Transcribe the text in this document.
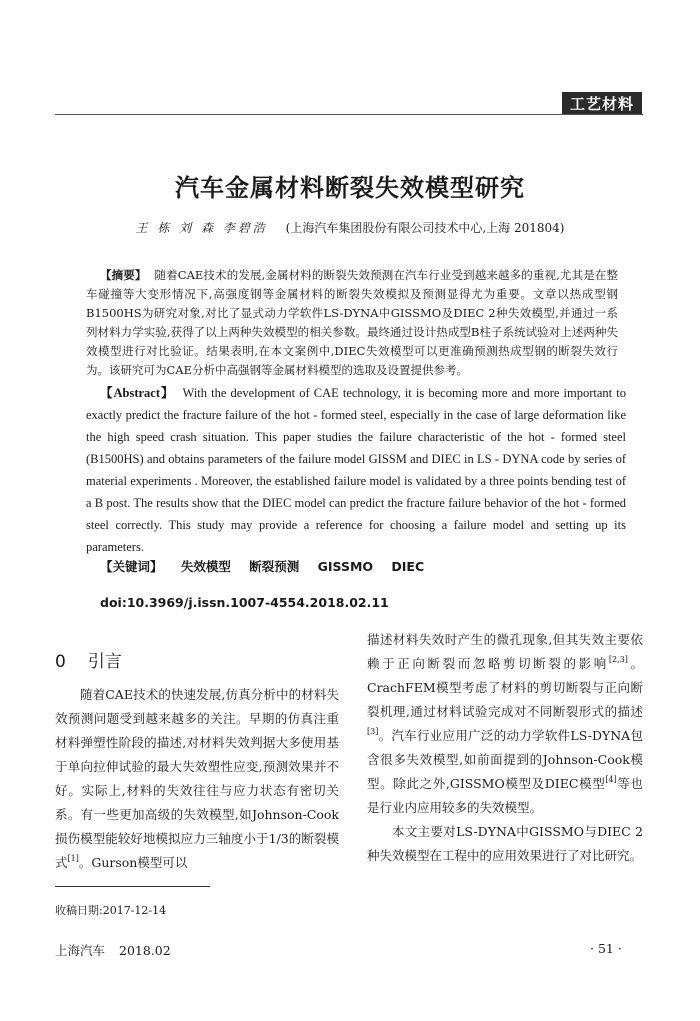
工艺材料
汽车金属材料断裂失效模型研究
王 栋 刘 森 李碧浩 (上海汽车集团股份有限公司技术中心,上海 201804)
【摘要】 随着CAE技术的发展,金属材料的断裂失效预测在汽车行业受到越来越多的重视,尤其是在整车碰撞等大变形情况下,高强度钢等金属材料的断裂失效模拟及预测显得尤为重要。文章以热成型钢B1500HS为研究对象,对比了显式动力学软件LS-DYNA中GISSMO及DIEC 2种失效模型,并通过一系列材料力学实验,获得了以上两种失效模型的相关参数。最终通过设计热成型B柱子系统试验对上述两种失效模型进行对比验证。结果表明,在本文案例中,DIEC失效模型可以更准确预测热成型钢的断裂失效行为。该研究可为CAE分析中高强钢等金属材料模型的选取及设置提供参考。
【Abstract】 With the development of CAE technology, it is becoming more and more important to exactly predict the fracture failure of the hot - formed steel, especially in the case of large deformation like the high speed crash situation. This paper studies the failure characteristic of the hot - formed steel (B1500HS) and obtains parameters of the failure model GISSM and DIEC in LS - DYNA code by series of material experiments . Moreover, the established failure model is validated by a three points bending test of a B post. The results show that the DIEC model can predict the fracture failure behavior of the hot - formed steel correctly. This study may provide a reference for choosing a failure model and setting up its parameters.
【关键词】 失效模型 断裂预测 GISSMO DIEC
doi:10.3969/j.issn.1007-4554.2018.02.11
0 引言

随着CAE技术的快速发展,仿真分析中的材料失效预测问题受到越来越多的关注。早期的仿真注重材料弹塑性阶段的描述,对材料失效判据大多使用基于单向拉伸试验的最大失效塑性应变,预测效果并不好。实际上,材料的失效往往与应力状态有密切关系。有一些更加高级的失效模型,如Johnson-Cook损伤模型能较好地模拟应力三轴度小于1/3的断裂模式[1]。Gurson模型可以

描述材料失效时产生的微孔现象,但其失效主要依赖于正向断裂而忽略剪切断裂的影响[2,3]。CrachFEM模型考虑了材料的剪切断裂与正向断裂机理,通过材料试验完成对不同断裂形式的描述[3]。汽车行业应用广泛的动力学软件LS-DYNA包含很多失效模型,如前面提到的Johnson-Cook模型。除此之外,GISSMO模型及DIEC模型[4]等也是行业内应用较多的失效模型。

本文主要对LS-DYNA中GISSMO与DIEC 2种失效模型在工程中的应用效果进行了对比研究。

收稿日期:2017-12-14
上海汽车 2018.02	· 51 ·
